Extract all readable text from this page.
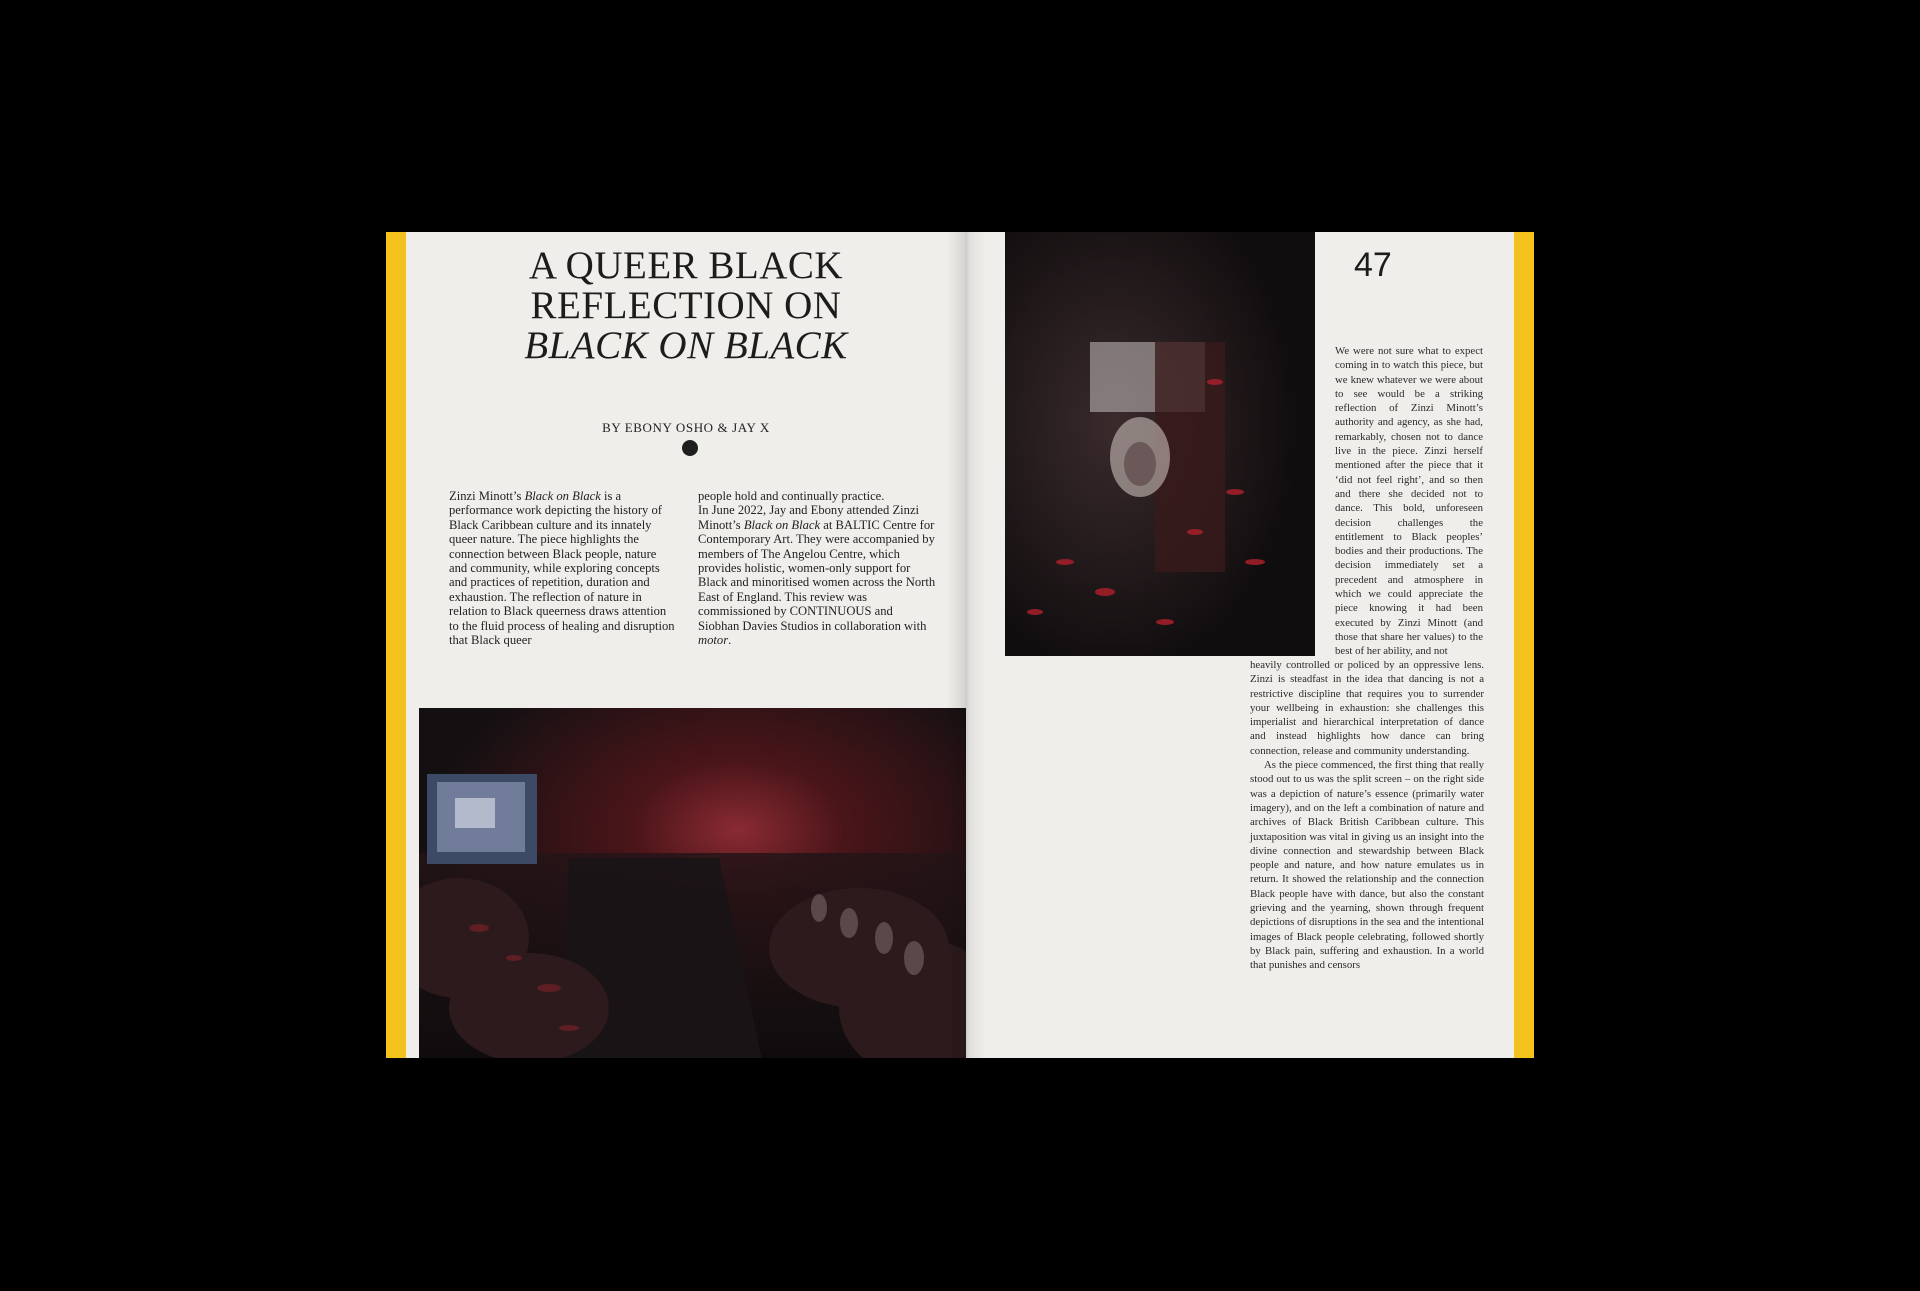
A QUEER BLACK
REFLECTION ON
BLACK ON BLACK
BY EBONY OSHO & JAY X
Zinzi Minott’s Black on Black is a performance work depicting the history of Black Caribbean culture and its innately queer nature. The piece highlights the connection between Black people, nature and community, while exploring concepts and practices of repetition, duration and exhaustion. The reflection of nature in relation to Black queerness draws attention to the fluid process of healing and disruption that Black queer
people hold and continually practice.
In June 2022, Jay and Ebony attended Zinzi Minott’s Black on Black at BALTIC Centre for Contemporary Art. They were accompanied by members of The Angelou Centre, which provides holistic, women-only support for Black and minoritised women across the North East of England. This review was commissioned by CONTINUOUS and Siobhan Davies Studios in collaboration with motor.
47

We were not sure what to expect coming in to watch this piece, but we knew whatever we were about to see would be a striking reflection of Zinzi Minott’s authority and agency, as she had, remarkably, chosen not to dance live in the piece. Zinzi herself mentioned after the piece that it ‘did not feel right’, and so then and there she decided not to dance. This bold, unforeseen decision challenges the entitlement to Black peoples’ bodies and their productions. The decision immediately set a precedent and atmosphere in which we could appreciate the piece knowing it had been executed by Zinzi Minott (and those that share her values) to the best of her ability, and not

heavily controlled or policed by an oppressive lens. Zinzi is steadfast in the idea that dancing is not a restrictive discipline that requires you to surrender your wellbeing in exhaustion: she challenges this imperialist and hierarchical interpretation of dance and instead highlights how dance can bring connection, release and community understanding.

As the piece commenced, the first thing that really stood out to us was the split screen – on the right side was a depiction of nature’s essence (primarily water imagery), and on the left a combination of nature and archives of Black British Caribbean culture. This juxtaposition was vital in giving us an insight into the divine connection and stewardship between Black people and nature, and how nature emulates us in return. It showed the relationship and the connection Black people have with dance, but also the constant grieving and the yearning, shown through frequent depictions of disruptions in the sea and the intentional images of Black people celebrating, followed shortly by Black pain, suffering and exhaustion. In a world that punishes and censors
